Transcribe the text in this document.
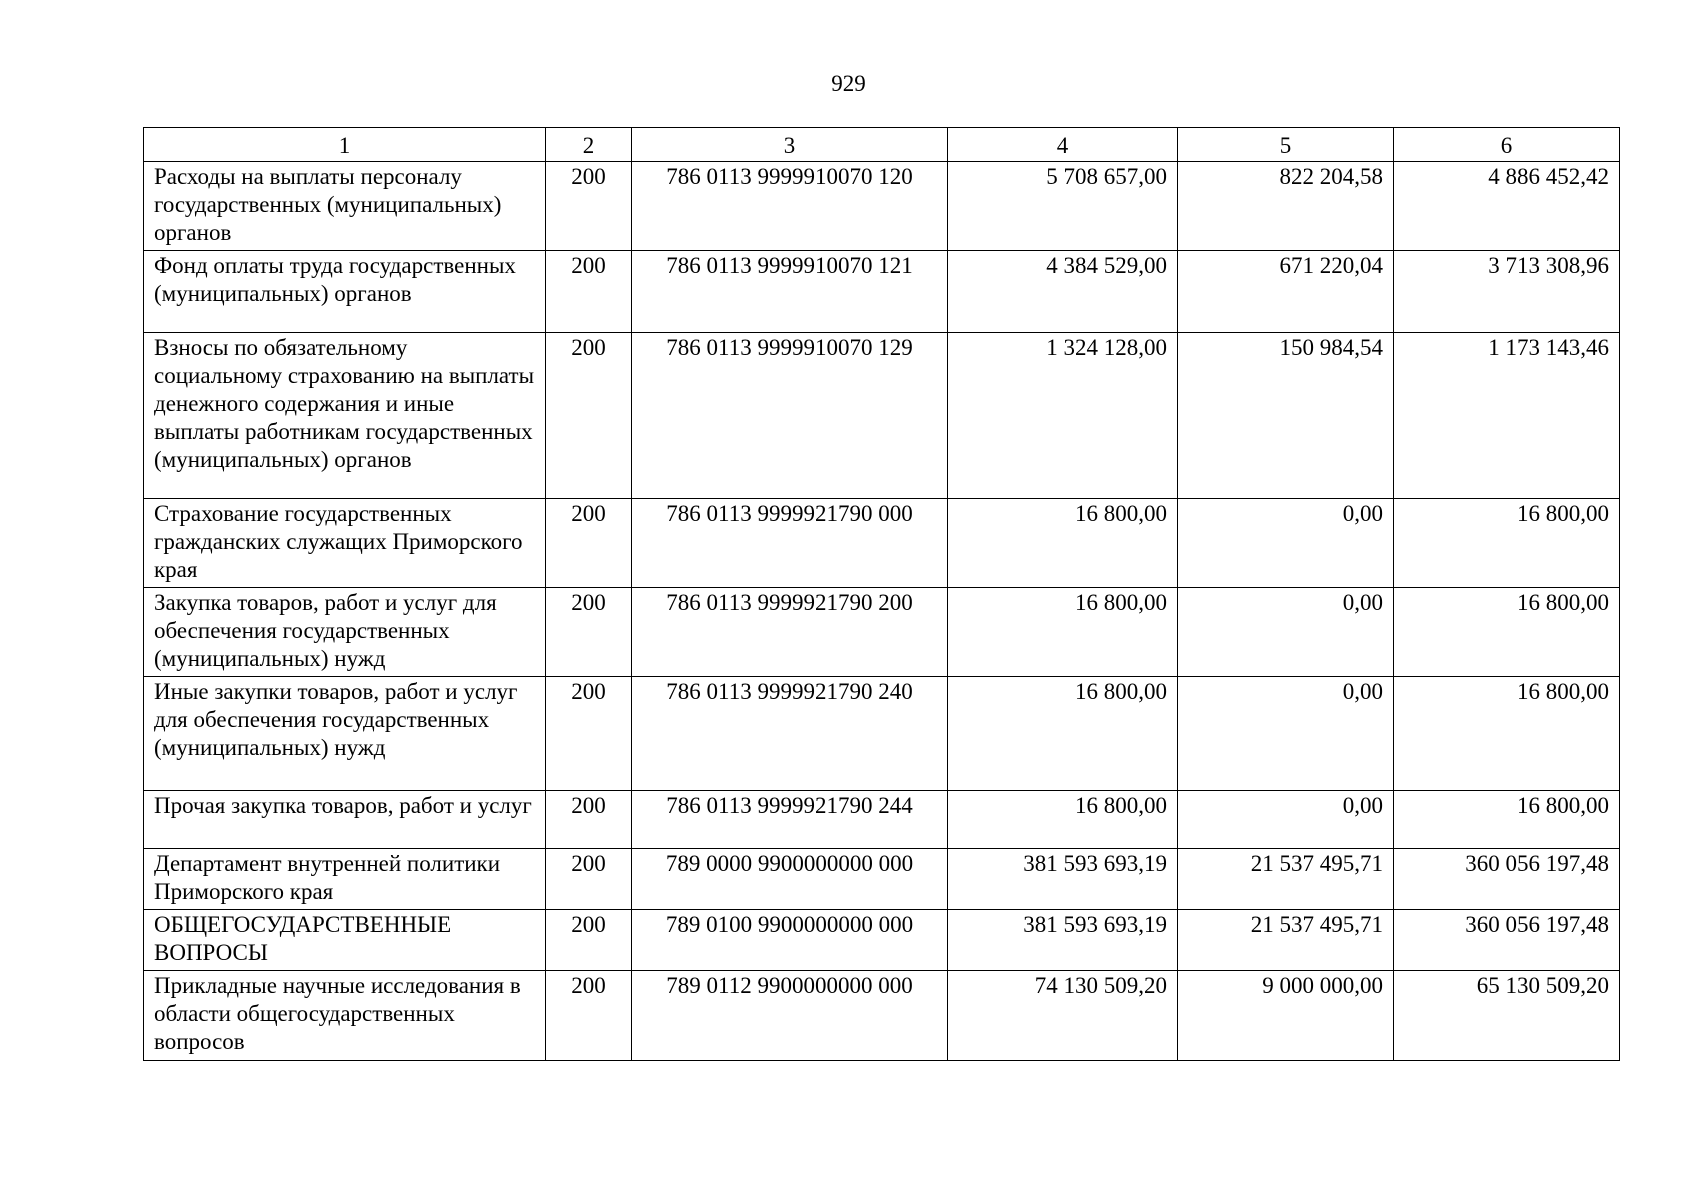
929
1	2	3	4	5	6
Расходы на выплаты персоналу государственных (муниципальных) органов	200	786 0113 9999910070 120	5 708 657,00	822 204,58	4 886 452,42
Фонд оплаты труда государственных (муниципальных) органов	200	786 0113 9999910070 121	4 384 529,00	671 220,04	3 713 308,96
Взносы по обязательному социальному страхованию на выплаты денежного содержания и иные выплаты работникам государственных (муниципальных) органов	200	786 0113 9999910070 129	1 324 128,00	150 984,54	1 173 143,46
Страхование государственных гражданских служащих Приморского края	200	786 0113 9999921790 000	16 800,00	0,00	16 800,00
Закупка товаров, работ и услуг для обеспечения государственных (муниципальных) нужд	200	786 0113 9999921790 200	16 800,00	0,00	16 800,00
Иные закупки товаров, работ и услуг для обеспечения государственных (муниципальных) нужд	200	786 0113 9999921790 240	16 800,00	0,00	16 800,00
Прочая закупка товаров, работ и услуг	200	786 0113 9999921790 244	16 800,00	0,00	16 800,00
Департамент внутренней политики Приморского края	200	789 0000 9900000000 000	381 593 693,19	21 537 495,71	360 056 197,48
ОБЩЕГОСУДАРСТВЕННЫЕ ВОПРОСЫ	200	789 0100 9900000000 000	381 593 693,19	21 537 495,71	360 056 197,48
Прикладные научные исследования в области общегосударственных вопросов	200	789 0112 9900000000 000	74 130 509,20	9 000 000,00	65 130 509,20
